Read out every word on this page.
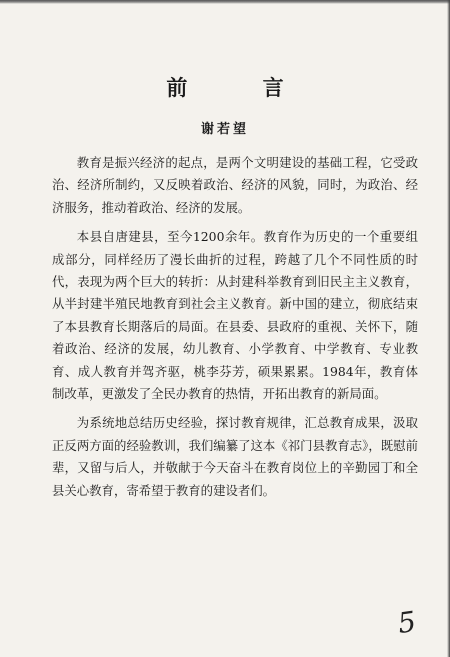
前 言
谢若望

教育是振兴经济的起点，是两个文明建设的基础工程，它受政治、经济所制约，又反映着政治、经济的风貌，同时，为政治、经济服务，推动着政治、经济的发展。

本县自唐建县，至今1200余年。教育作为历史的一个重要组成部分，同样经历了漫长曲折的过程，跨越了几个不同性质的时代，表现为两个巨大的转折：从封建科举教育到旧民主主义教育，从半封建半殖民地教育到社会主义教育。新中国的建立，彻底结束了本县教育长期落后的局面。在县委、县政府的重视、关怀下，随着政治、经济的发展，幼儿教育、小学教育、中学教育、专业教育、成人教育并驾齐驱，桃李芬芳，硕果累累。1984年，教育体制改革，更激发了全民办教育的热情，开拓出教育的新局面。

为系统地总结历史经验，探讨教育规律，汇总教育成果，汲取正反两方面的经验教训，我们编纂了这本《祁门县教育志》，既慰前辈，又留与后人，并敬献于今天奋斗在教育岗位上的辛勤园丁和全县关心教育，寄希望于教育的建设者们。

5
